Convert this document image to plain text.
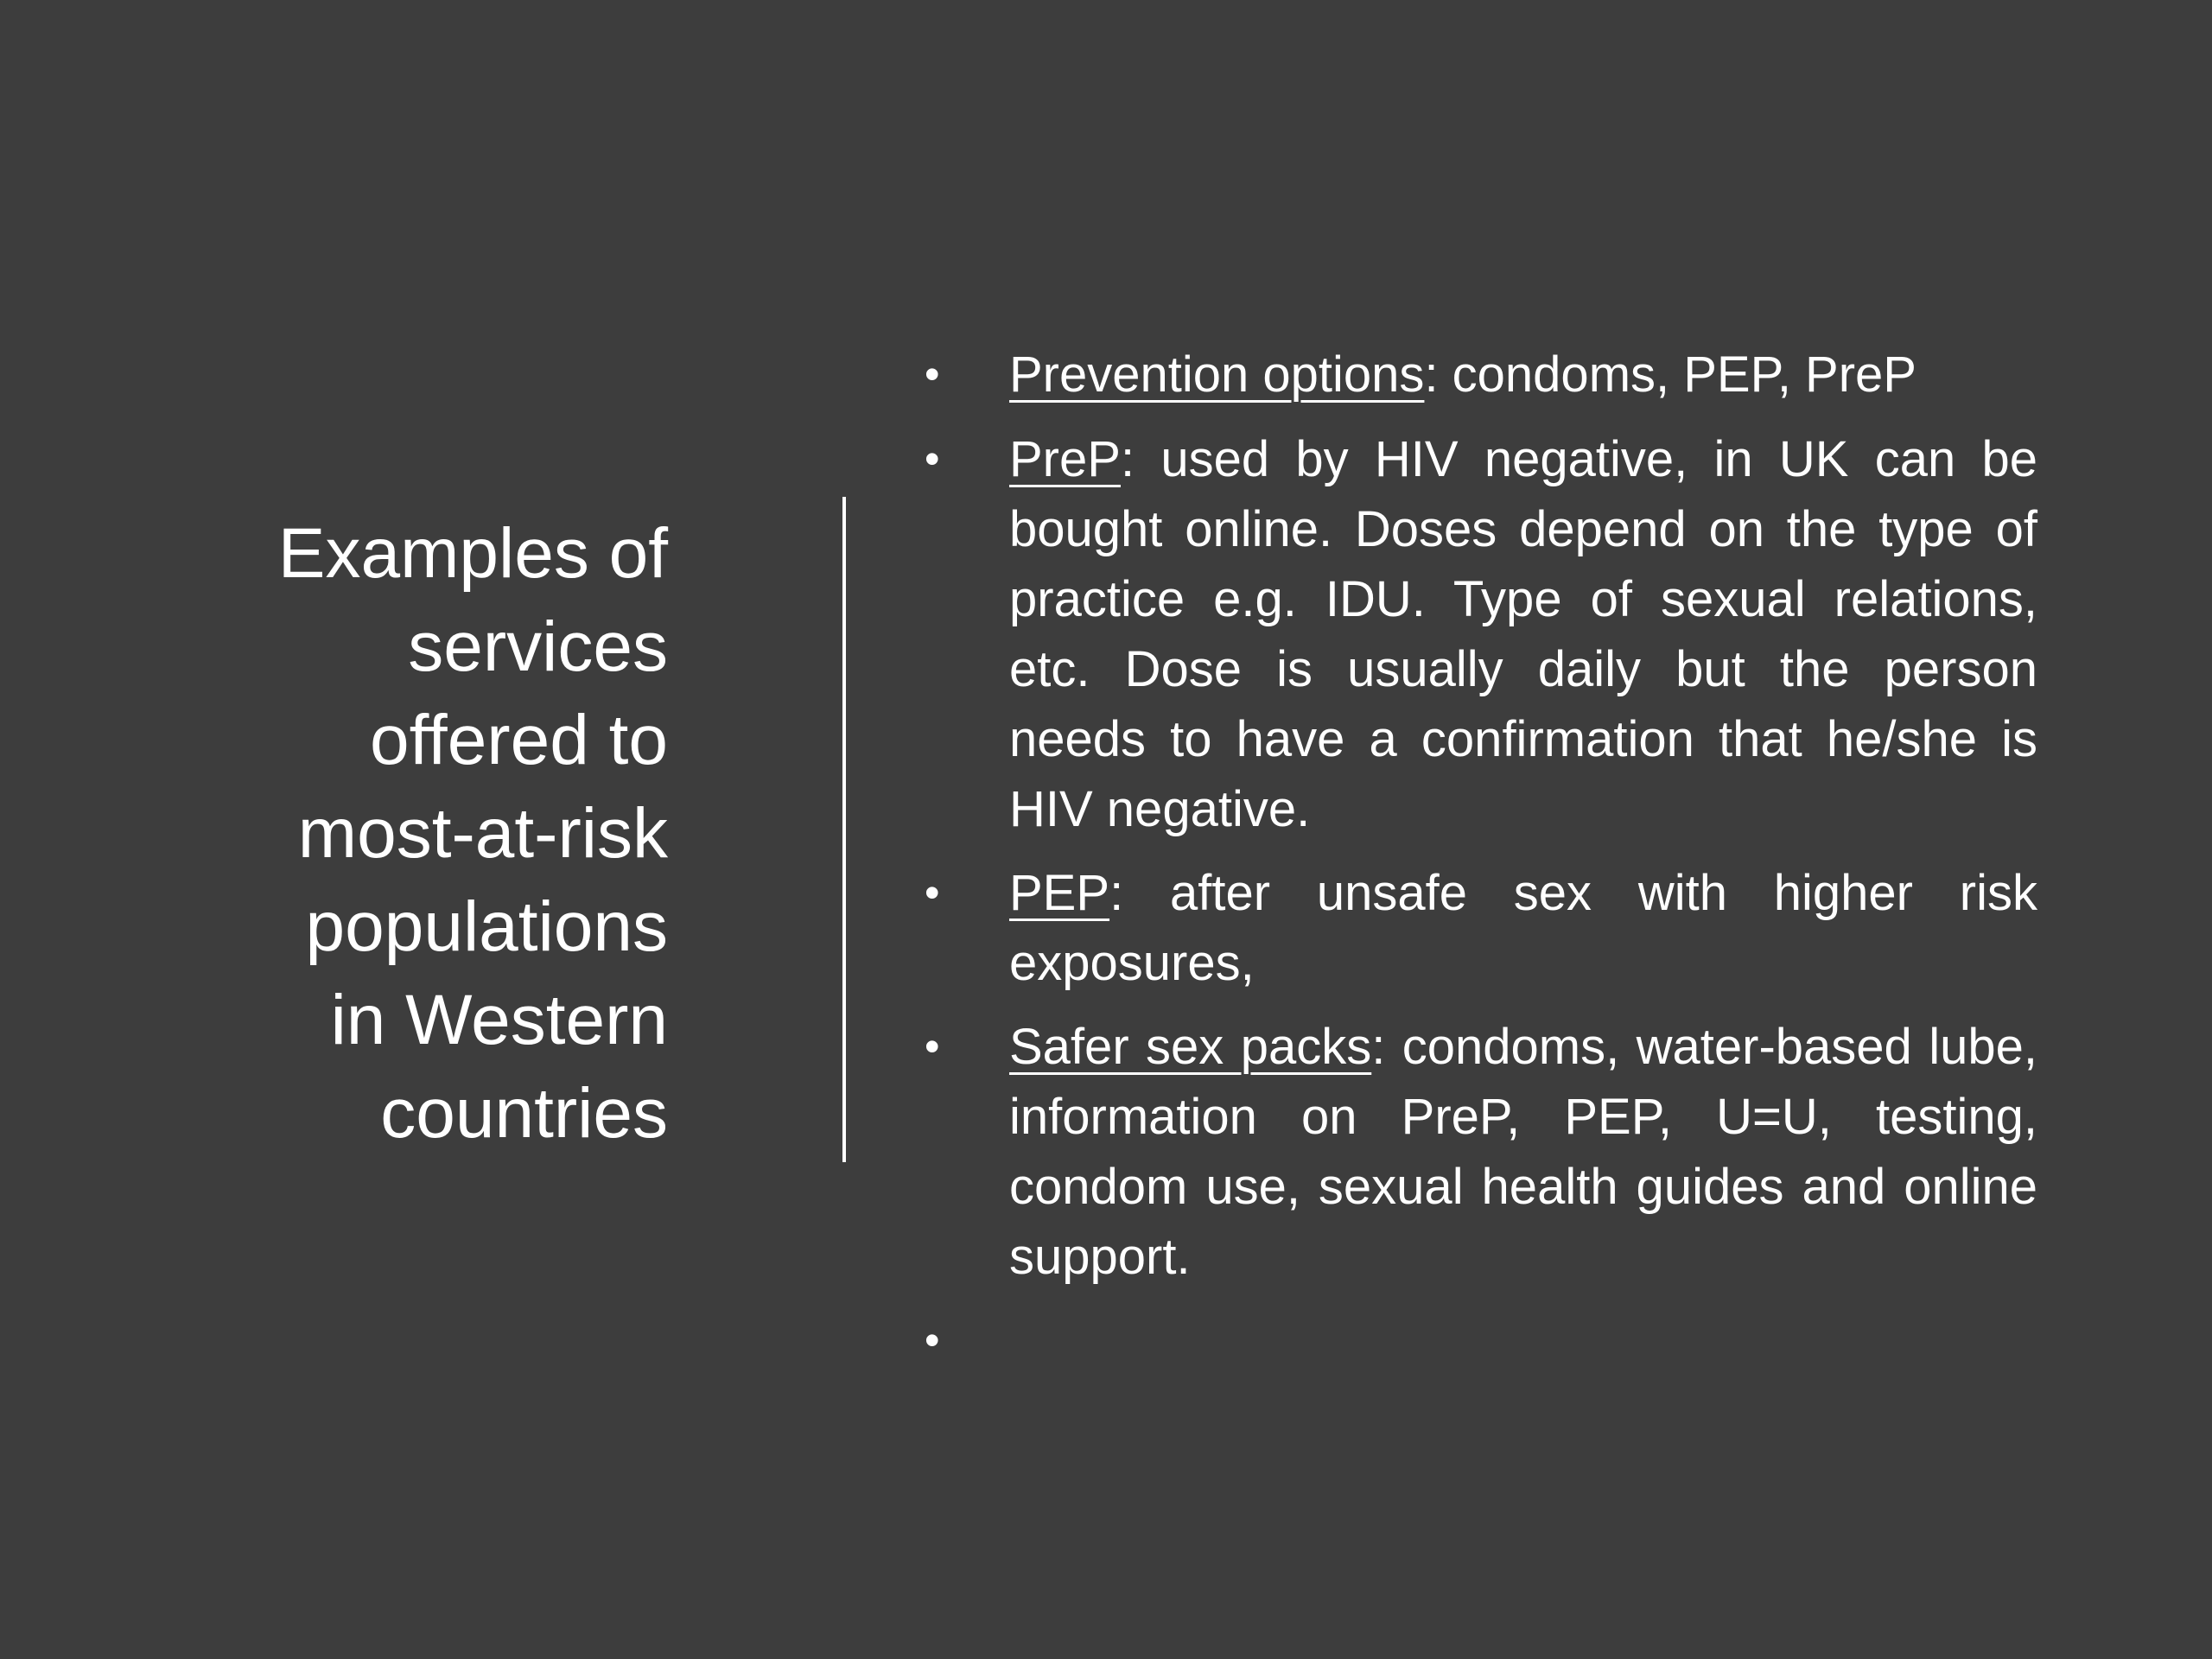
Examples of
services
offered to
most-at-risk
populations
in Western
countries
• Prevention options: condoms, PEP, PreP
• PreP: used by HIV negative, in UK can be bought online. Doses depend on the type of practice e.g. IDU. Type of sexual relations, etc. Dose is usually daily but the person needs to have a confirmation that he/she is HIV negative.
• PEP: after unsafe sex with higher risk exposures,
• Safer sex packs: condoms, water-based lube, information on PreP, PEP, U=U, testing, condom use, sexual health guides and online support.
•
